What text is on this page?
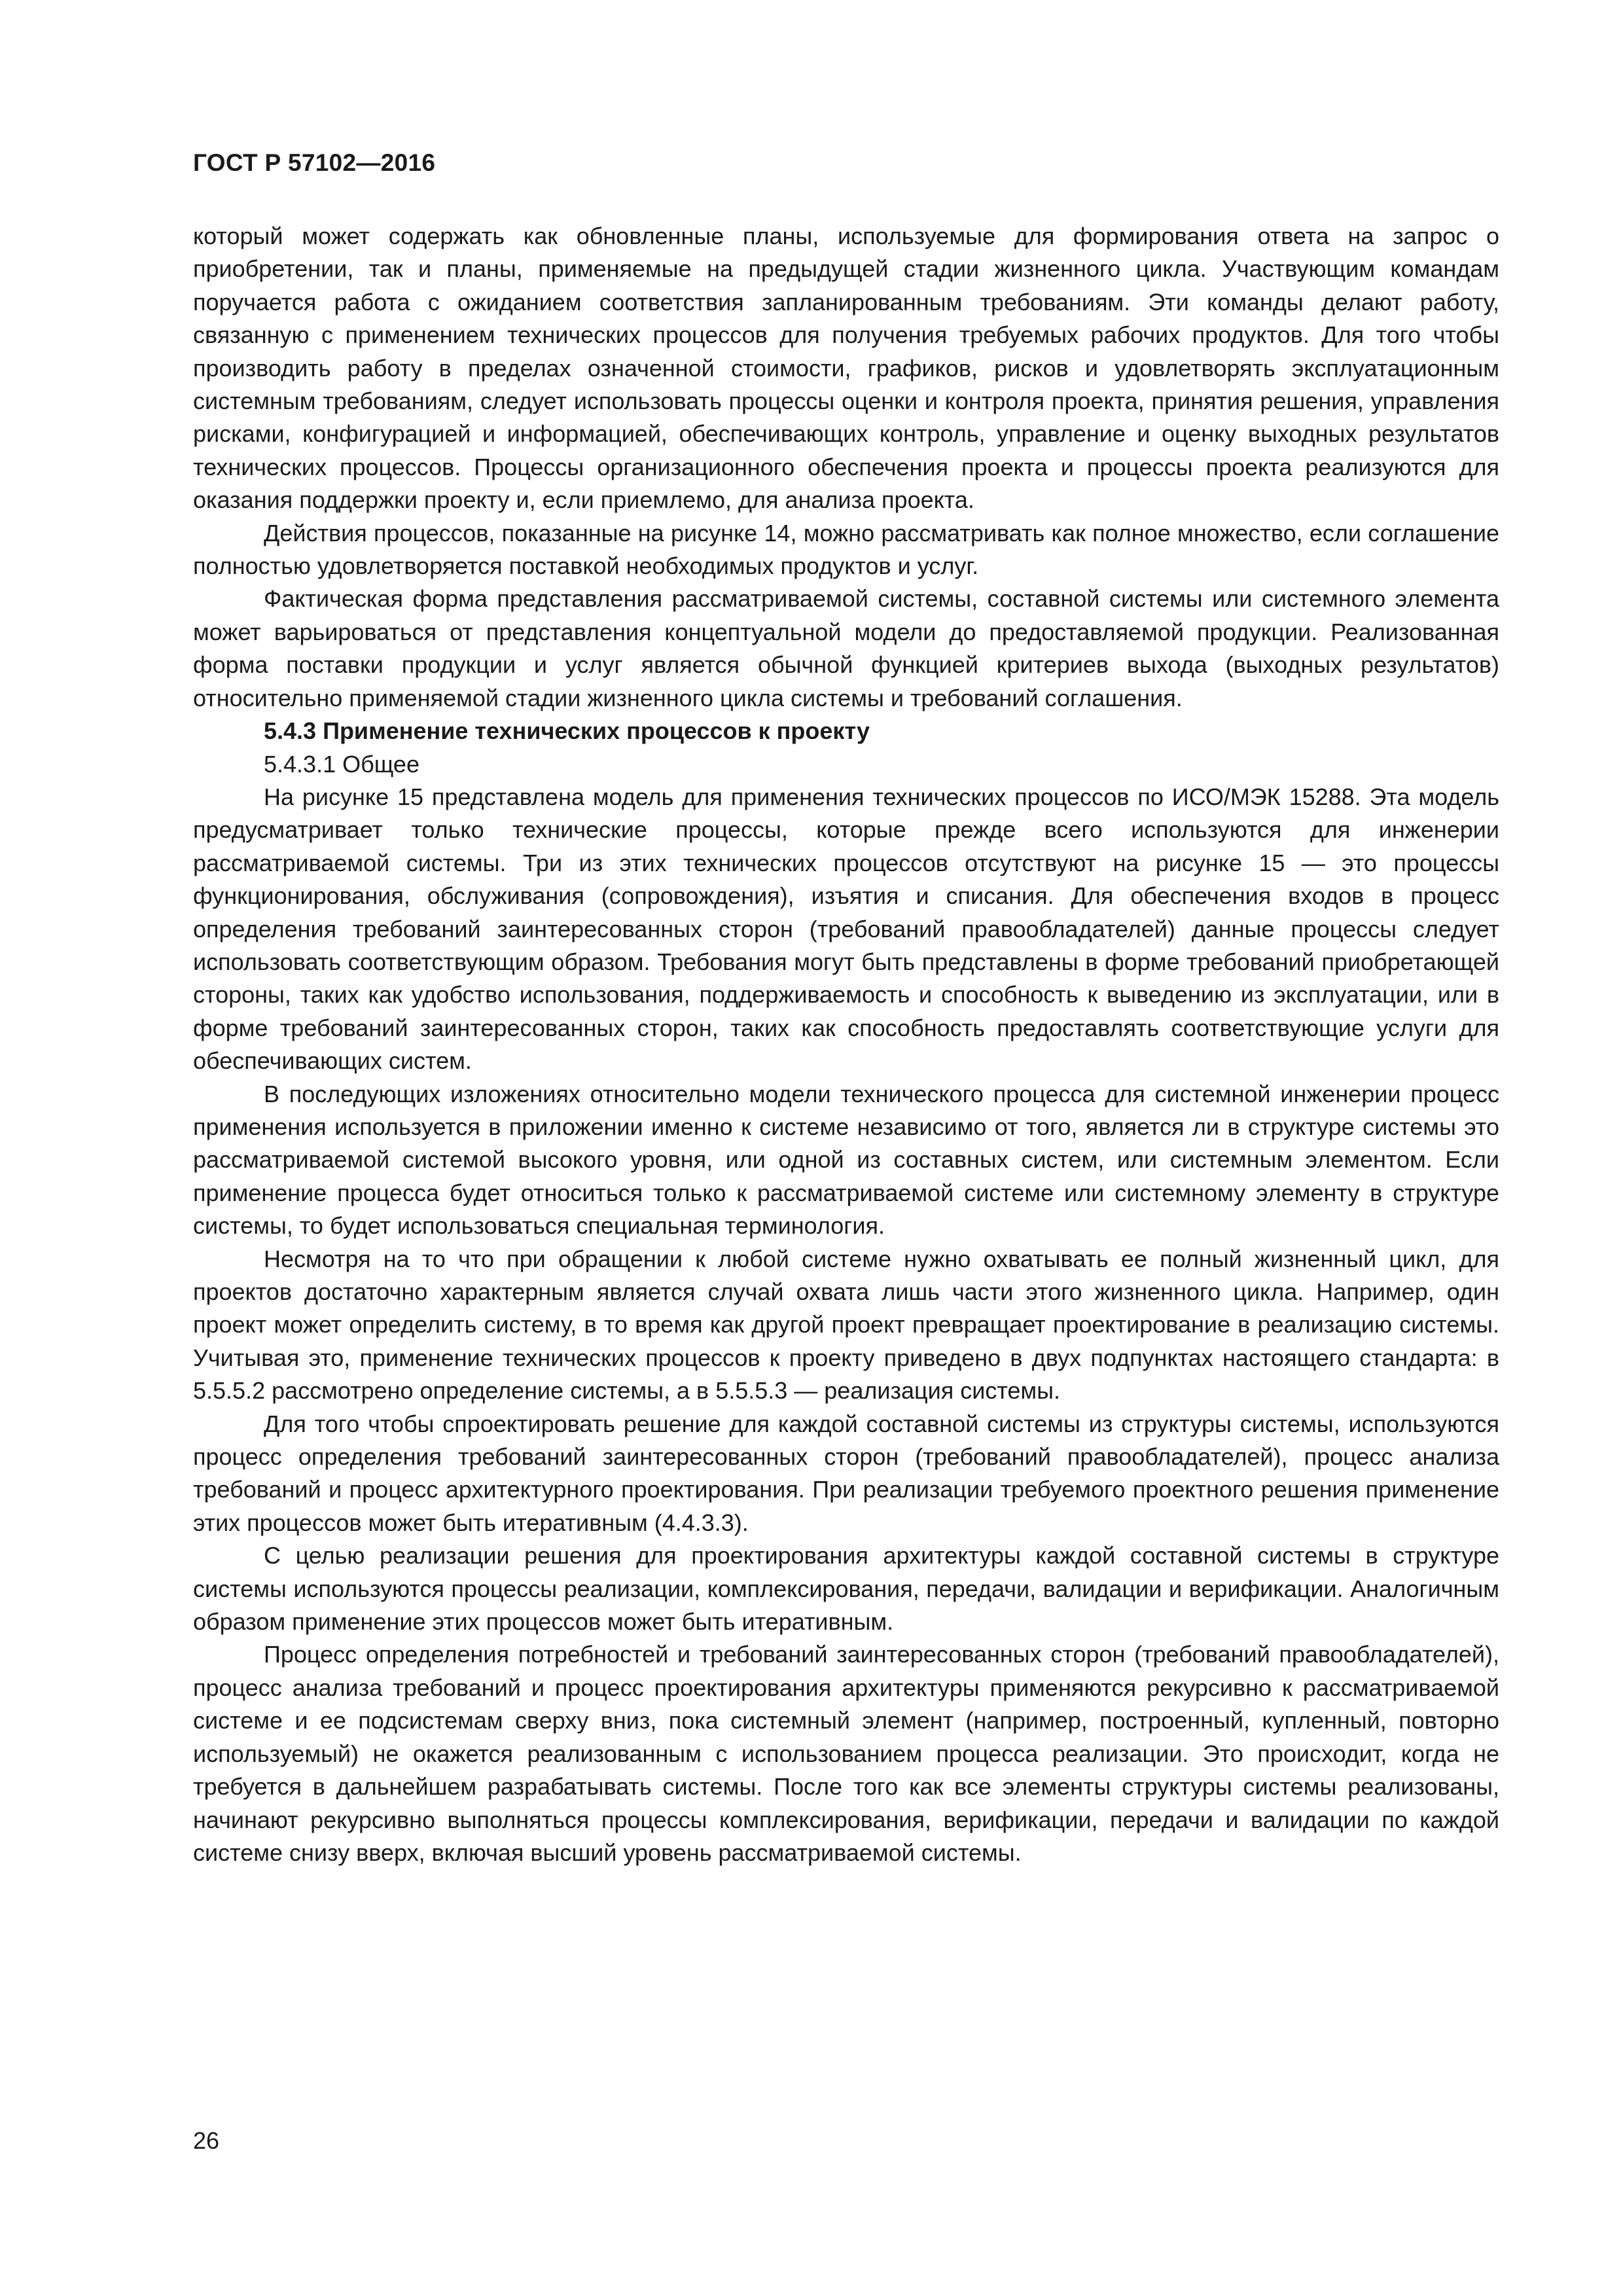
ГОСТ Р 57102—2016

который может содержать как обновленные планы, используемые для формирования ответа на запрос о приобретении, так и планы, применяемые на предыдущей стадии жизненного цикла. Участвующим командам поручается работа с ожиданием соответствия запланированным требованиям. Эти команды делают работу, связанную с применением технических процессов для получения требуемых рабочих продуктов. Для того чтобы производить работу в пределах означенной стоимости, графиков, рисков и удовлетворять эксплуатационным системным требованиям, следует использовать процессы оценки и контроля проекта, принятия решения, управления рисками, конфигурацией и информацией, обеспечивающих контроль, управление и оценку выходных результатов технических процессов. Процессы организационного обеспечения проекта и процессы проекта реализуются для оказания поддержки проекту и, если приемлемо, для анализа проекта.

Действия процессов, показанные на рисунке 14, можно рассматривать как полное множество, если соглашение полностью удовлетворяется поставкой необходимых продуктов и услуг.

Фактическая форма представления рассматриваемой системы, составной системы или системного элемента может варьироваться от представления концептуальной модели до предоставляемой продукции. Реализованная форма поставки продукции и услуг является обычной функцией критериев выхода (выходных результатов) относительно применяемой стадии жизненного цикла системы и требований соглашения.

5.4.3 Применение технических процессов к проекту
5.4.3.1 Общее

На рисунке 15 представлена модель для применения технических процессов по ИСО/МЭК 15288. Эта модель предусматривает только технические процессы, которые прежде всего используются для инженерии рассматриваемой системы. Три из этих технических процессов отсутствуют на рисунке 15 — это процессы функционирования, обслуживания (сопровождения), изъятия и списания. Для обеспечения входов в процесс определения требований заинтересованных сторон (требований правообладателей) данные процессы следует использовать соответствующим образом. Требования могут быть представлены в форме требований приобретающей стороны, таких как удобство использования, поддерживаемость и способность к выведению из эксплуатации, или в форме требований заинтересованных сторон, таких как способность предоставлять соответствующие услуги для обеспечивающих систем.

В последующих изложениях относительно модели технического процесса для системной инженерии процесс применения используется в приложении именно к системе независимо от того, является ли в структуре системы это рассматриваемой системой высокого уровня, или одной из составных систем, или системным элементом. Если применение процесса будет относиться только к рассматриваемой системе или системному элементу в структуре системы, то будет использоваться специальная терминология.

Несмотря на то что при обращении к любой системе нужно охватывать ее полный жизненный цикл, для проектов достаточно характерным является случай охвата лишь части этого жизненного цикла. Например, один проект может определить систему, в то время как другой проект превращает проектирование в реализацию системы. Учитывая это, применение технических процессов к проекту приведено в двух подпунктах настоящего стандарта: в 5.5.5.2 рассмотрено определение системы, а в 5.5.5.3 — реализация системы.

Для того чтобы спроектировать решение для каждой составной системы из структуры системы, используются процесс определения требований заинтересованных сторон (требований правообладателей), процесс анализа требований и процесс архитектурного проектирования. При реализации требуемого проектного решения применение этих процессов может быть итеративным (4.4.3.3).

С целью реализации решения для проектирования архитектуры каждой составной системы в структуре системы используются процессы реализации, комплексирования, передачи, валидации и верификации. Аналогичным образом применение этих процессов может быть итеративным.

Процесс определения потребностей и требований заинтересованных сторон (требований правообладателей), процесс анализа требований и процесс проектирования архитектуры применяются рекурсивно к рассматриваемой системе и ее подсистемам сверху вниз, пока системный элемент (например, построенный, купленный, повторно используемый) не окажется реализованным с использованием процесса реализации. Это происходит, когда не требуется в дальнейшем разрабатывать системы. После того как все элементы структуры системы реализованы, начинают рекурсивно выполняться процессы комплексирования, верификации, передачи и валидации по каждой системе снизу вверх, включая высший уровень рассматриваемой системы.

26
